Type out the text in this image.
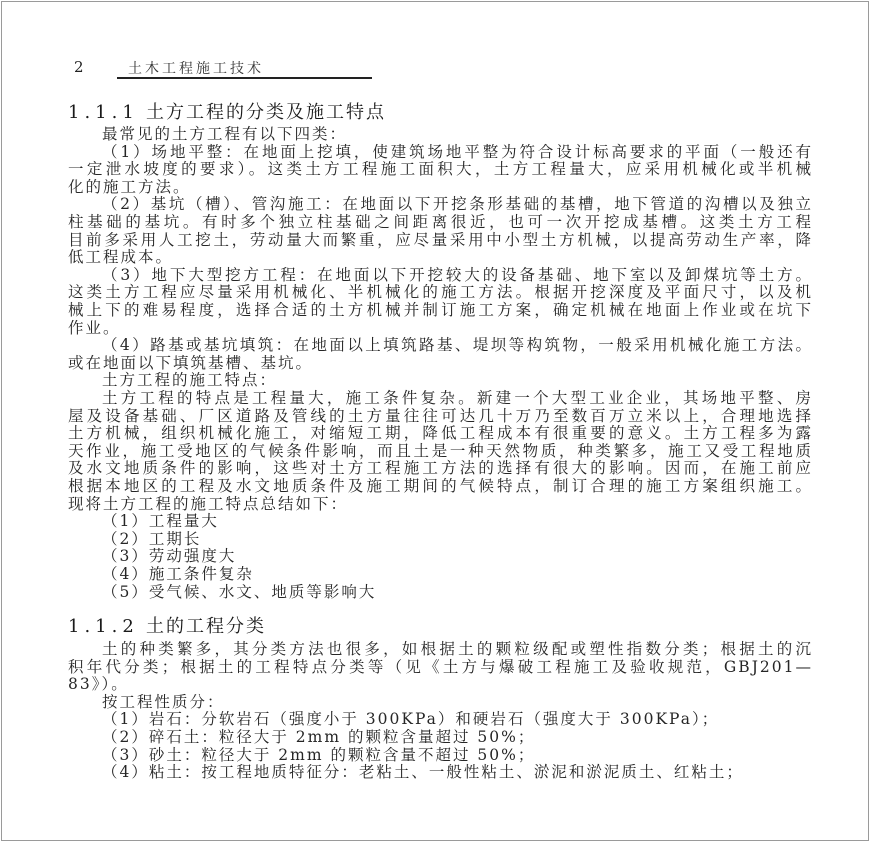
2	土木工程施工技术
1.1.1 土方工程的分类及施工特点
最常见的土方工程有以下四类：
（1）场地平整：在地面上挖填，使建筑场地平整为符合设计标高要求的平面（一般还有
一定泄水坡度的要求）。这类土方工程施工面积大，土方工程量大，应采用机械化或半机械
化的施工方法。
（2）基坑（槽）、管沟施工：在地面以下开挖条形基础的基槽，地下管道的沟槽以及独立
柱基础的基坑。有时多个独立柱基础之间距离很近，也可一次开挖成基槽。这类土方工程
目前多采用人工挖土，劳动量大而繁重，应尽量采用中小型土方机械，以提高劳动生产率，降
低工程成本。
（3）地下大型挖方工程：在地面以下开挖较大的设备基础、地下室以及卸煤坑等土方。
这类土方工程应尽量采用机械化、半机械化的施工方法。根据开挖深度及平面尺寸，以及机
械上下的难易程度，选择合适的土方机械并制订施工方案，确定机械在地面上作业或在坑下
作业。
（4）路基或基坑填筑：在地面以上填筑路基、堤坝等构筑物，一般采用机械化施工方法。
或在地面以下填筑基槽、基坑。
土方工程的施工特点：
土方工程的特点是工程量大，施工条件复杂。新建一个大型工业企业，其场地平整、房
屋及设备基础、厂区道路及管线的土方量往往可达几十万乃至数百万立米以上，合理地选择
土方机械，组织机械化施工，对缩短工期，降低工程成本有很重要的意义。土方工程多为露
天作业，施工受地区的气候条件影响，而且土是一种天然物质，种类繁多，施工又受工程地质
及水文地质条件的影响，这些对土方工程施工方法的选择有很大的影响。因而，在施工前应
根据本地区的工程及水文地质条件及施工期间的气候特点，制订合理的施工方案组织施工。
现将土方工程的施工特点总结如下：
（1）工程量大
（2）工期长
（3）劳动强度大
（4）施工条件复杂
（5）受气候、水文、地质等影响大
1.1.2 土的工程分类
土的种类繁多，其分类方法也很多，如根据土的颗粒级配或塑性指数分类；根据土的沉
积年代分类；根据土的工程特点分类等（见《土方与爆破工程施工及验收规范，GBJ201—
83》）。
按工程性质分：
（1）岩石：分软岩石（强度小于 300KPa）和硬岩石（强度大于 300KPa）；
（2）碎石土：粒径大于 2mm 的颗粒含量超过 50%；
（3）砂土：粒径大于 2mm 的颗粒含量不超过 50%；
（4）粘土：按工程地质特征分：老粘土、一般性粘土、淤泥和淤泥质土、红粘土；
